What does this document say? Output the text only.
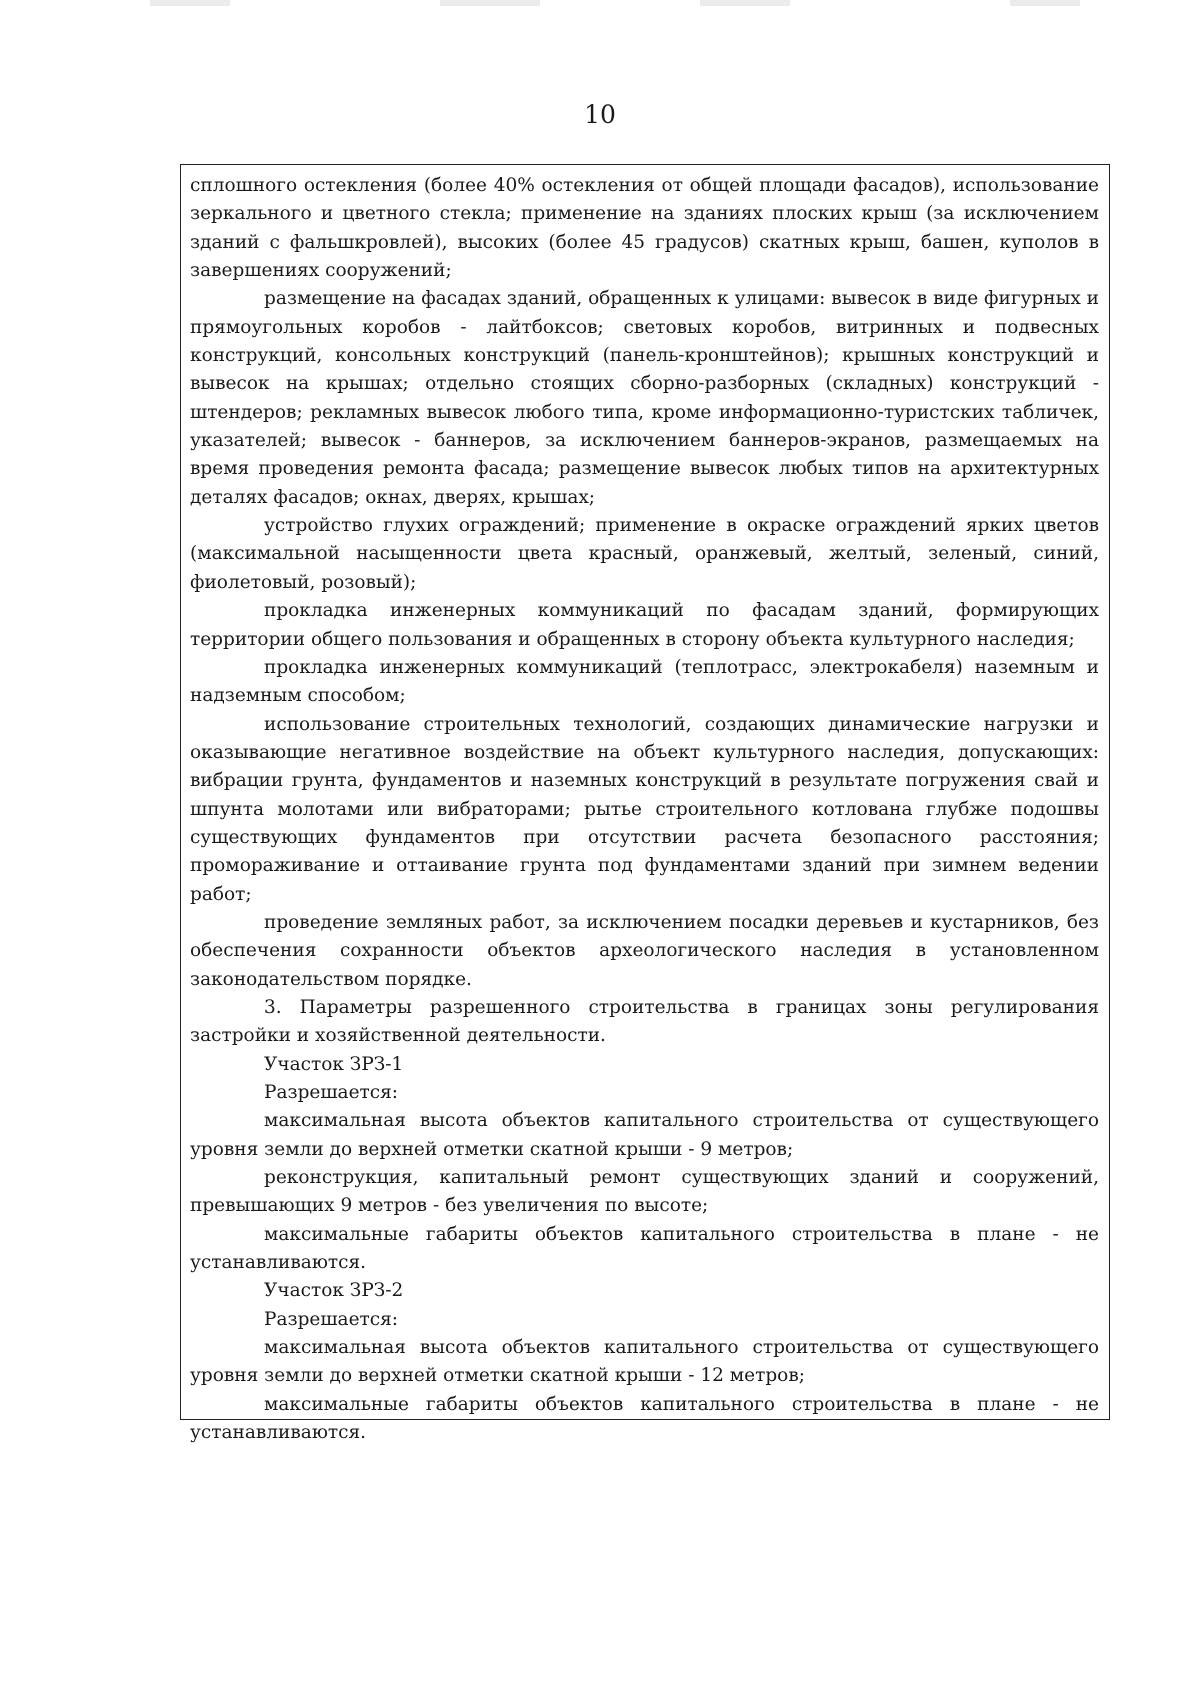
10

сплошного остекления (более 40% остекления от общей площади фасадов), использование зеркального и цветного стекла; применение на зданиях плоских крыш (за исключением зданий с фальшкровлей), высоких (более 45 градусов) скатных крыш, башен, куполов в завершениях сооружений;

размещение на фасадах зданий, обращенных к улицами: вывесок в виде фигурных и прямоугольных коробов - лайтбоксов; световых коробов, витринных и подвесных конструкций, консольных конструкций (панель-кронштейнов); крышных конструкций и вывесок на крышах; отдельно стоящих сборно-разборных (складных) конструкций - штендеров; рекламных вывесок любого типа, кроме информационно-туристских табличек, указателей; вывесок - баннеров, за исключением баннеров-экранов, размещаемых на время проведения ремонта фасада; размещение вывесок любых типов на архитектурных деталях фасадов; окнах, дверях, крышах;

устройство глухих ограждений; применение в окраске ограждений ярких цветов (максимальной насыщенности цвета красный, оранжевый, желтый, зеленый, синий, фиолетовый, розовый);

прокладка инженерных коммуникаций по фасадам зданий, формирующих территории общего пользования и обращенных в сторону объекта культурного наследия;

прокладка инженерных коммуникаций (теплотрасс, электрокабеля) наземным и надземным способом;

использование строительных технологий, создающих динамические нагрузки и оказывающие негативное воздействие на объект культурного наследия, допускающих: вибрации грунта, фундаментов и наземных конструкций в результате погружения свай и шпунта молотами или вибраторами; рытье строительного котлована глубже подошвы существующих фундаментов при отсутствии расчета безопасного расстояния; промораживание и оттаивание грунта под фундаментами зданий при зимнем ведении работ;

проведение земляных работ, за исключением посадки деревьев и кустарников, без обеспечения сохранности объектов археологического наследия в установленном законодательством порядке.

3. Параметры разрешенного строительства в границах зоны регулирования застройки и хозяйственной деятельности.

Участок ЗРЗ-1

Разрешается:

максимальная высота объектов капитального строительства от существующего уровня земли до верхней отметки скатной крыши - 9 метров;

реконструкция, капитальный ремонт существующих зданий и сооружений, превышающих 9 метров - без увеличения по высоте;

максимальные габариты объектов капитального строительства в плане - не устанавливаются.

Участок ЗРЗ-2

Разрешается:

максимальная высота объектов капитального строительства от существующего уровня земли до верхней отметки скатной крыши - 12 метров;

максимальные габариты объектов капитального строительства в плане - не устанавливаются.
